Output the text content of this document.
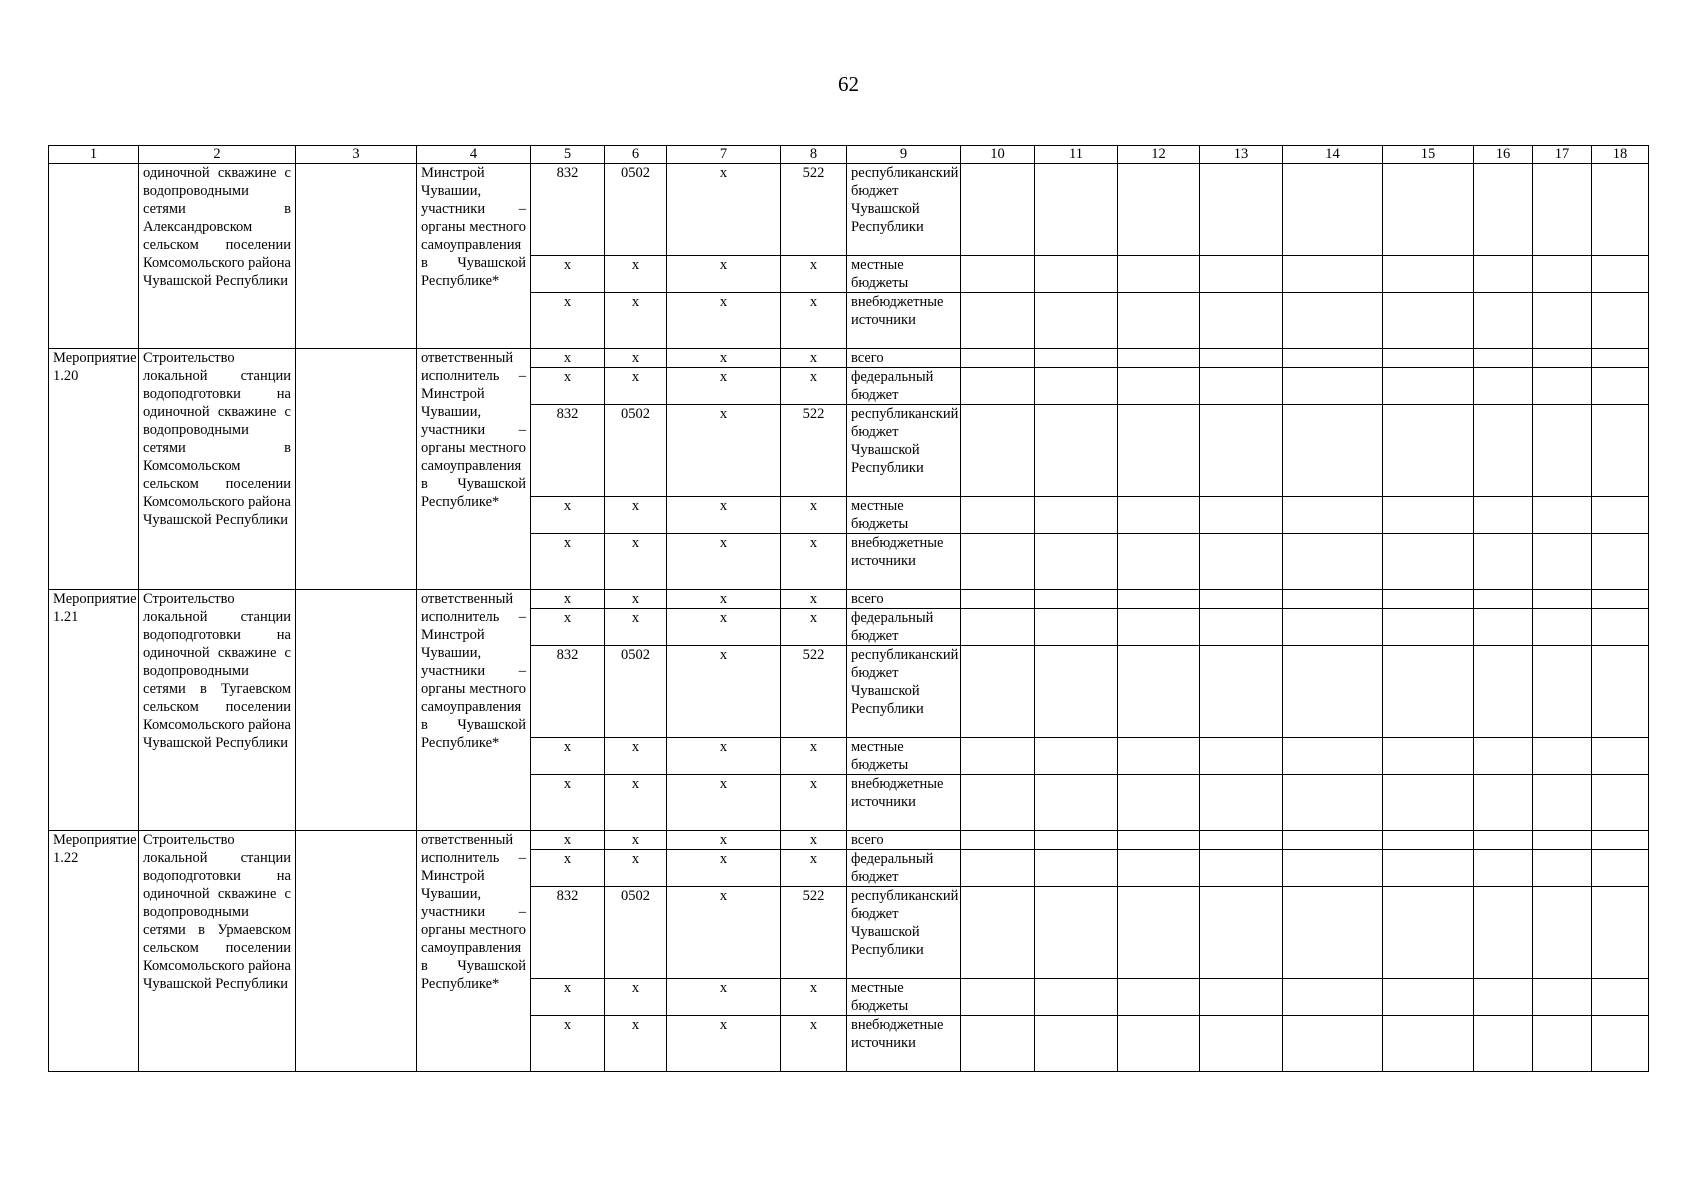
62
1	2	3	4	5	6	7	8	9	10	11	12	13	14	15	16	17	18
	одиночной скважине с водопроводными сетями в Александровском сельском поселении Комсомольского района Чувашской Республики		Минстрой Чувашии, участники – органы местного самоуправления в Чувашской Республике*	832	0502	х	522	республиканский бюджет Чувашской Республики									
				х	х	х	х	местные бюджеты									
				х	х	х	х	внебюджетные источники									
Мероприятие 1.20	Строительство локальной станции водоподготовки на одиночной скважине с водопроводными сетями в Комсомольском сельском поселении Комсомольского района Чувашской Республики		ответственный исполнитель – Минстрой Чувашии, участники – органы местного самоуправления в Чувашской Республике*	х	х	х	х	всего									
				х	х	х	х	федеральный бюджет									
				832	0502	х	522	республиканский бюджет Чувашской Республики									
				х	х	х	х	местные бюджеты									
				х	х	х	х	внебюджетные источники									
Мероприятие 1.21	Строительство локальной станции водоподготовки на одиночной скважине с водопроводными сетями в Тугаевском сельском поселении Комсомольского района Чувашской Республики		ответственный исполнитель – Минстрой Чувашии, участники – органы местного самоуправления в Чувашской Республике*	х	х	х	х	всего									
				х	х	х	х	федеральный бюджет									
				832	0502	х	522	республиканский бюджет Чувашской Республики									
				х	х	х	х	местные бюджеты									
				х	х	х	х	внебюджетные источники									
Мероприятие 1.22	Строительство локальной станции водоподготовки на одиночной скважине с водопроводными сетями в Урмаевском сельском поселении Комсомольского района Чувашской Республики		ответственный исполнитель – Минстрой Чувашии, участники – органы местного самоуправления в Чувашской Республике*	х	х	х	х	всего									
				х	х	х	х	федеральный бюджет									
				832	0502	х	522	республиканский бюджет Чувашской Республики									
				х	х	х	х	местные бюджеты									
				х	х	х	х	внебюджетные источники									
